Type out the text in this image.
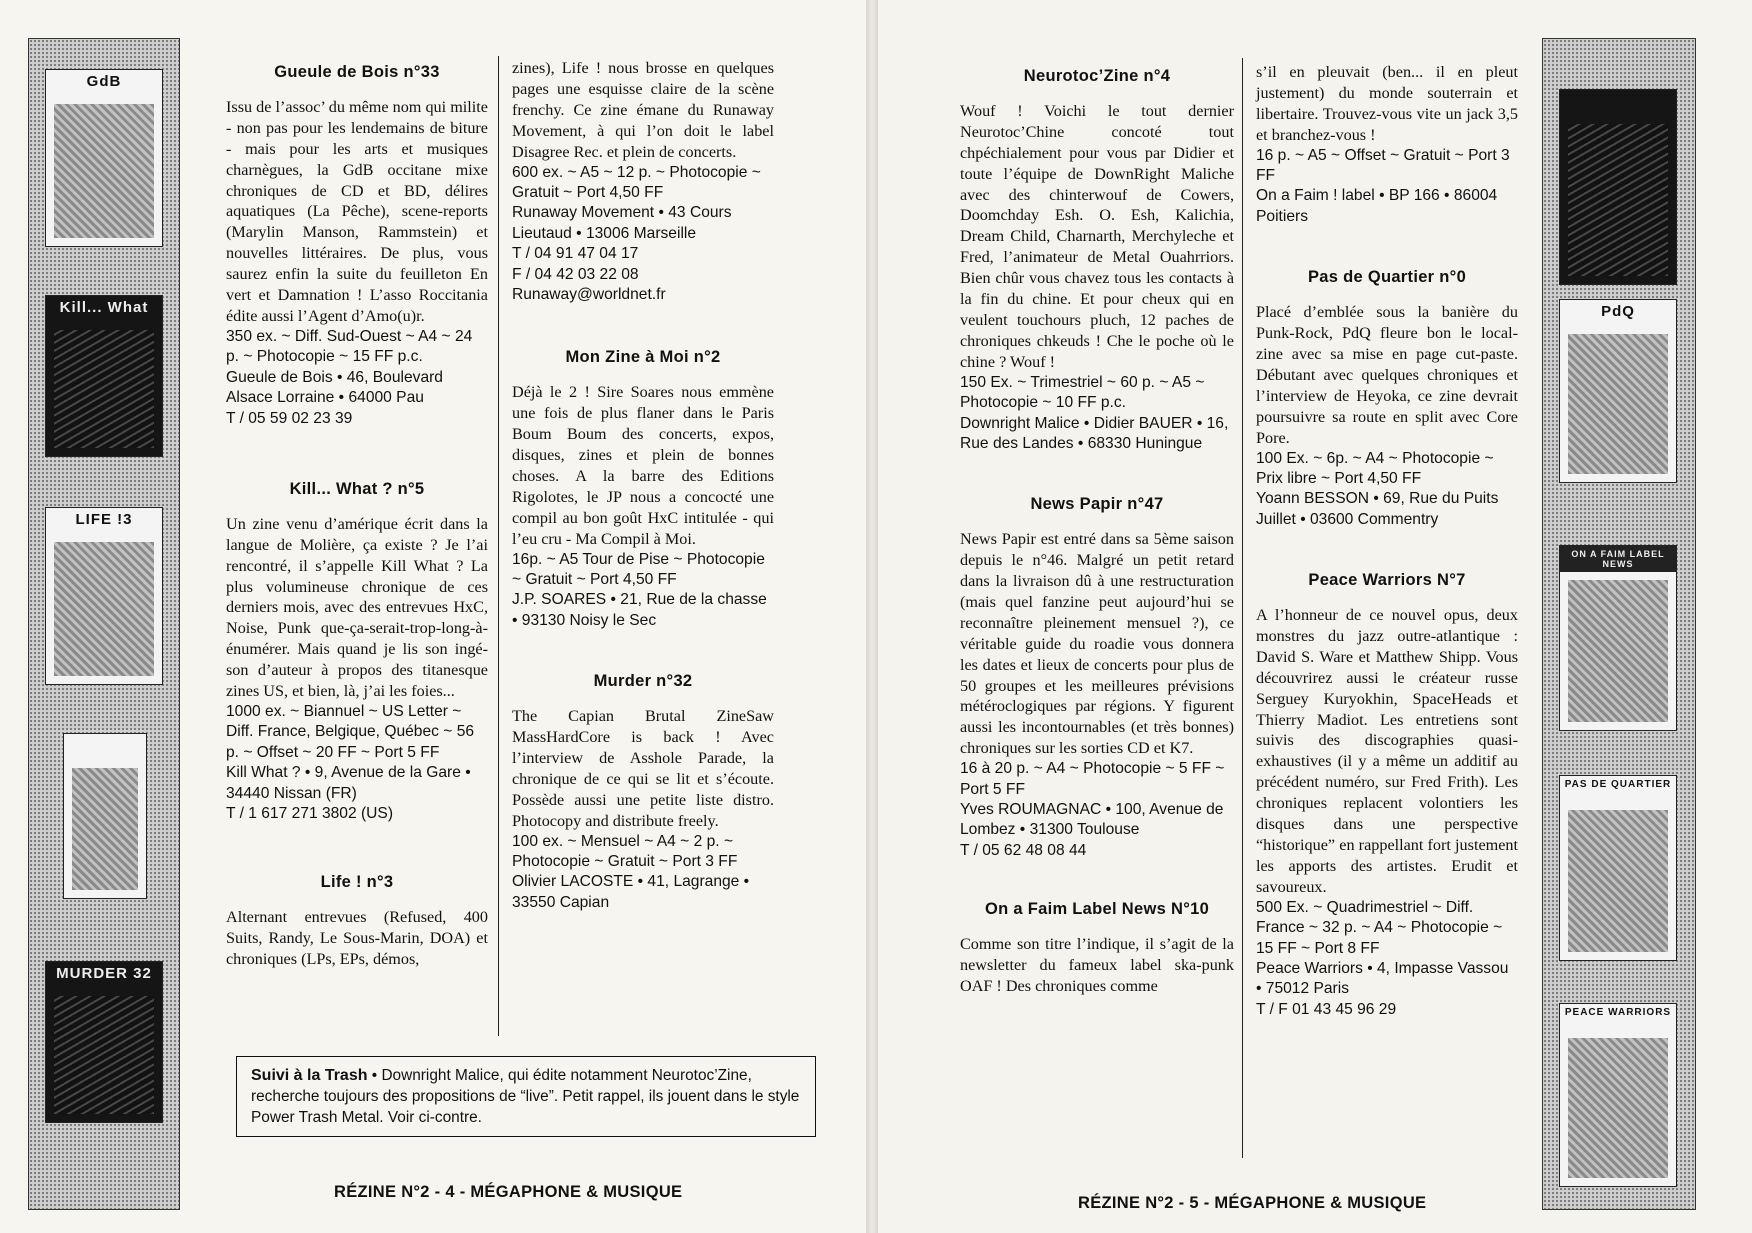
GdB
Kill... What
LIFE !3
MURDER 32
Gueule de Bois n°33

Issu de l’assoc’ du même nom qui milite - non pas pour les lendemains de biture - mais pour les arts et musiques charnègues, la GdB occitane mixe chroniques de CD et BD, délires aquatiques (La Pêche), scene-reports (Marylin Manson, Rammstein) et nouvelles littéraires. De plus, vous saurez enfin la suite du feuilleton En vert et Damnation ! L’asso Roccitania édite aussi l’Agent d’Amo(u)r.

350 ex. ~ Diff. Sud-Ouest ~ A4 ~ 24 p. ~ Photocopie ~ 15 FF p.c.

Gueule de Bois • 46, Boulevard Alsace Lorraine • 64000 Pau

T / 05 59 02 23 39

Kill... What ? n°5

Un zine venu d’amérique écrit dans la langue de Molière, ça existe ? Je l’ai rencontré, il s’appelle Kill What ? La plus volumineuse chronique de ces derniers mois, avec des entrevues HxC, Noise, Punk que-ça-serait-trop-long-à-énumérer. Mais quand je lis son ingé-son d’auteur à propos des titanesque zines US, et bien, là, j’ai les foies...

1000 ex. ~ Biannuel ~ US Letter ~ Diff. France, Belgique, Québec ~ 56 p. ~ Offset ~ 20 FF ~ Port 5 FF

Kill What ? • 9, Avenue de la Gare • 34440 Nissan (FR)

T / 1 617 271 3802 (US)

Life ! n°3

Alternant entrevues (Refused, 400 Suits, Randy, Le Sous-Marin, DOA) et chroniques (LPs, EPs, démos,

zines), Life ! nous brosse en quelques pages une esquisse claire de la scène frenchy. Ce zine émane du Runaway Movement, à qui l’on doit le label Disagree Rec. et plein de concerts.

600 ex. ~ A5 ~ 12 p. ~ Photocopie ~ Gratuit ~ Port 4,50 FF

Runaway Movement • 43 Cours Lieutaud • 13006 Marseille

T / 04 91 47 04 17

F / 04 42 03 22 08

Runaway@worldnet.fr

Mon Zine à Moi n°2

Déjà le 2 ! Sire Soares nous emmène une fois de plus flaner dans le Paris Boum Boum des concerts, expos, disques, zines et plein de bonnes choses. A la barre des Editions Rigolotes, le JP nous a concocté une compil au bon goût HxC intitulée - qui l’eu cru - Ma Compil à Moi.

16p. ~ A5 Tour de Pise ~ Photocopie ~ Gratuit ~ Port 4,50 FF

J.P. SOARES • 21, Rue de la chasse • 93130 Noisy le Sec

Murder n°32

The Capian Brutal ZineSaw MassHardCore is back ! Avec l’interview de Asshole Parade, la chronique de ce qui se lit et s’écoute. Possède aussi une petite liste distro. Photocopy and distribute freely.

100 ex. ~ Mensuel ~ A4 ~ 2 p. ~ Photocopie ~ Gratuit ~ Port 3 FF

Olivier LACOSTE • 41, Lagrange • 33550 Capian

Suivi à la Trash • Downright Malice, qui édite notamment Neurotoc’Zine, recherche toujours des propositions de “live”. Petit rappel, ils jouent dans le style Power Trash Metal. Voir ci-contre.
RÉZINE N°2 - 4 - MÉGAPHONE & MUSIQUE
Neurotoc’Zine n°4

Wouf ! Voichi le tout dernier Neurotoc’Chine concoté tout chpéchialement pour vous par Didier et toute l’équipe de DownRight Maliche avec des chinterwouf de Cowers, Doomchday Esh. O. Esh, Kalichia, Dream Child, Charnarth, Merchyleche et Fred, l’animateur de Metal Ouahrriors. Bien chûr vous chavez tous les contacts à la fin du chine. Et pour cheux qui en veulent touchours pluch, 12 paches de chroniques chkeuds ! Che le poche où le chine ? Wouf !

150 Ex. ~ Trimestriel ~ 60 p. ~ A5 ~ Photocopie ~ 10 FF p.c.

Downright Malice • Didier BAUER • 16, Rue des Landes • 68330 Huningue

News Papir n°47

News Papir est entré dans sa 5ème saison depuis le n°46. Malgré un petit retard dans la livraison dû à une restructuration (mais quel fanzine peut aujourd’hui se reconnaître pleinement mensuel ?), ce véritable guide du roadie vous donnera les dates et lieux de concerts pour plus de 50 groupes et les meilleures prévisions météroclogiques par régions. Y figurent aussi les incontournables (et très bonnes) chroniques sur les sorties CD et K7.

16 à 20 p. ~ A4 ~ Photocopie ~ 5 FF ~ Port 5 FF

Yves ROUMAGNAC • 100, Avenue de Lombez • 31300 Toulouse

T / 05 62 48 08 44

On a Faim Label News N°10

Comme son titre l’indique, il s’agit de la newsletter du fameux label ska-punk OAF ! Des chroniques comme

s’il en pleuvait (ben... il en pleut justement) du monde souterrain et libertaire. Trouvez-vous vite un jack 3,5 et branchez-vous !

16 p. ~ A5 ~ Offset ~ Gratuit ~ Port 3 FF

On a Faim ! label • BP 166 • 86004 Poitiers

Pas de Quartier n°0

Placé d’emblée sous la banière du Punk-Rock, PdQ fleure bon le local-zine avec sa mise en page cut-paste. Débutant avec quelques chroniques et l’interview de Heyoka, ce zine devrait poursuivre sa route en split avec Core Pore.

100 Ex. ~ 6p. ~ A4 ~ Photocopie ~ Prix libre ~ Port 4,50 FF

Yoann BESSON • 69, Rue du Puits Juillet • 03600 Commentry

Peace Warriors N°7

A l’honneur de ce nouvel opus, deux monstres du jazz outre-atlantique : David S. Ware et Matthew Shipp. Vous découvrirez aussi le créateur russe Serguey Kuryokhin, SpaceHeads et Thierry Madiot. Les entretiens sont suivis des discographies quasi-exhaustives (il y a même un additif au précédent numéro, sur Fred Frith). Les chroniques replacent volontiers les disques dans une perspective “historique” en rappellant fort justement les apports des artistes. Erudit et savoureux.

500 Ex. ~ Quadrimestriel ~ Diff. France ~ 32 p. ~ A4 ~ Photocopie ~ 15 FF ~ Port 8 FF

Peace Warriors • 4, Impasse Vassou • 75012 Paris

T / F 01 43 45 96 29

PdQ
ON A FAIM LABEL NEWS
PAS DE QUARTIER
PEACE WARRIORS
RÉZINE N°2 - 5 - MÉGAPHONE & MUSIQUE
